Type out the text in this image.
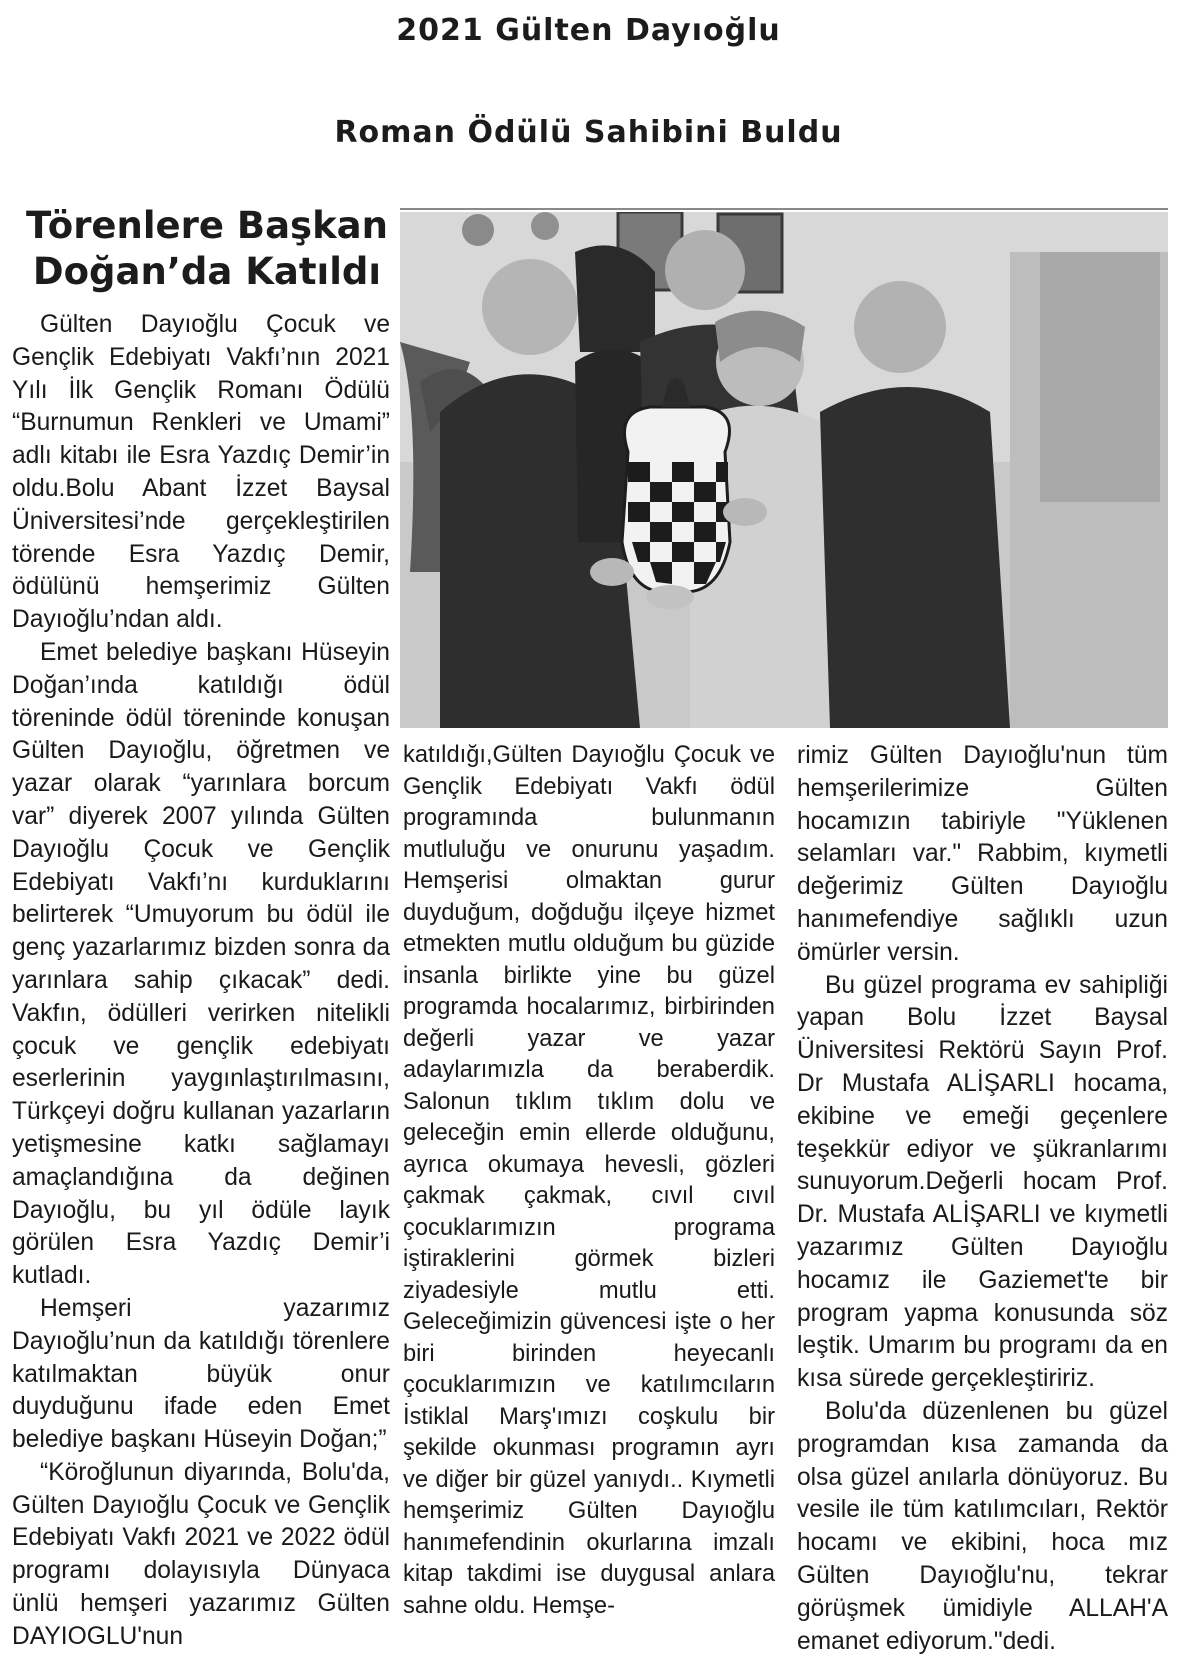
2021 Gülten Dayıoğlu
Roman Ödülü Sahibini Buldu
Törenlere Başkan Doğan’da Katıldı

Gülten Dayıoğlu Çocuk ve Gençlik Edebiyatı Vakfı’nın 2021 Yılı İlk Gençlik Romanı Ödülü “Burnumun Renkleri ve Umami” adlı kitabı ile Esra Yazdıç Demir’in oldu.Bolu Abant İzzet Baysal Üniversitesi’nde gerçekleştirilen törende Esra Yazdıç Demir, ödülünü hemşerimiz Gülten Dayıoğlu’ndan aldı.

Emet belediye başkanı Hüseyin Doğan’ında katıldığı ödül töreninde ödül töreninde konuşan Gülten Dayıoğlu, öğretmen ve yazar olarak “yarınlara borcum var” diyerek 2007 yılında Gülten Dayıoğlu Çocuk ve Gençlik Edebiyatı Vakfı’nı kurduklarını belirterek “Umuyorum bu ödül ile genç yazarlarımız bizden sonra da yarınlara sahip çıkacak” dedi. Vakfın, ödülleri verirken nitelikli çocuk ve gençlik edebiyatı eserlerinin yaygınlaştırılmasını, Türkçeyi doğru kullanan yazarların yetişmesine katkı sağlamayı amaçlandığına da değinen Dayıoğlu, bu yıl ödüle layık görülen Esra Yazdıç Demir’i kutladı.

Hemşeri yazarımız Dayıoğlu’nun da katıldığı törenlere katılmaktan büyük onur duyduğunu ifade eden Emet belediye başkanı Hüseyin Doğan;”

“Köroğlunun diyarında, Bolu'da, Gülten Dayıoğlu Çocuk ve Gençlik Edebiyatı Vakfı 2021 ve 2022 ödül programı dolayısıyla Dünyaca ünlü hemşeri yazarımız Gülten DAYIOGLU'nun

katıldığı,Gülten Dayıoğlu Çocuk ve Gençlik Edebiyatı Vakfı ödül programında bulunmanın mutluluğu ve onurunu yaşadım. Hemşerisi olmaktan gurur duyduğum, doğduğu ilçeye hizmet etmekten mutlu olduğum bu güzide insanla birlikte yine bu güzel programda hocalarımız, birbirinden değerli yazar ve yazar adaylarımızla da beraberdik. Salonun tıklım tıklım dolu ve geleceğin emin ellerde olduğunu, ayrıca okumaya hevesli, gözleri çakmak çakmak, cıvıl cıvıl çocuklarımızın programa iştiraklerini görmek bizleri ziyadesiyle mutlu etti. Geleceğimizin güvencesi işte o her biri birinden heyecanlı çocuklarımızın ve katılımcıların İstiklal Marş'ımızı coşkulu bir şekilde okunması programın ayrı ve diğer bir güzel yanıydı.. Kıymetli hemşerimiz Gülten Dayıoğlu hanımefendinin okurlarına imzalı kitap takdimi ise duygusal anlara sahne oldu. Hemşe-

rimiz Gülten Dayıoğlu'nun tüm hemşerilerimize Gülten hocamızın tabiriyle "Yüklenen selamları var." Rabbim, kıymetli değerimiz Gülten Dayıoğlu hanımefendiye sağlıklı uzun ömürler versin.

Bu güzel programa ev sahipliği yapan Bolu İzzet Baysal Üniversitesi Rektörü Sayın Prof. Dr Mustafa ALİŞARLI hocama, ekibine ve emeği geçenlere teşekkür ediyor ve şükranlarımı sunuyorum.Değerli hocam Prof. Dr. Mustafa ALİŞARLI ve kıymetli yazarımız Gülten Dayıoğlu hocamız ile Gaziemet'te bir program yapma konusunda söz leştik. Umarım bu programı da en kısa sürede gerçekleştiririz.

Bolu'da düzenlenen bu güzel programdan kısa zamanda da olsa güzel anılarla dönüyoruz. Bu vesile ile tüm katılımcıları, Rektör hocamı ve ekibini, hoca mız Gülten Dayıoğlu'nu, tekrar görüşmek ümidiyle ALLAH'A emanet ediyorum."dedi.
